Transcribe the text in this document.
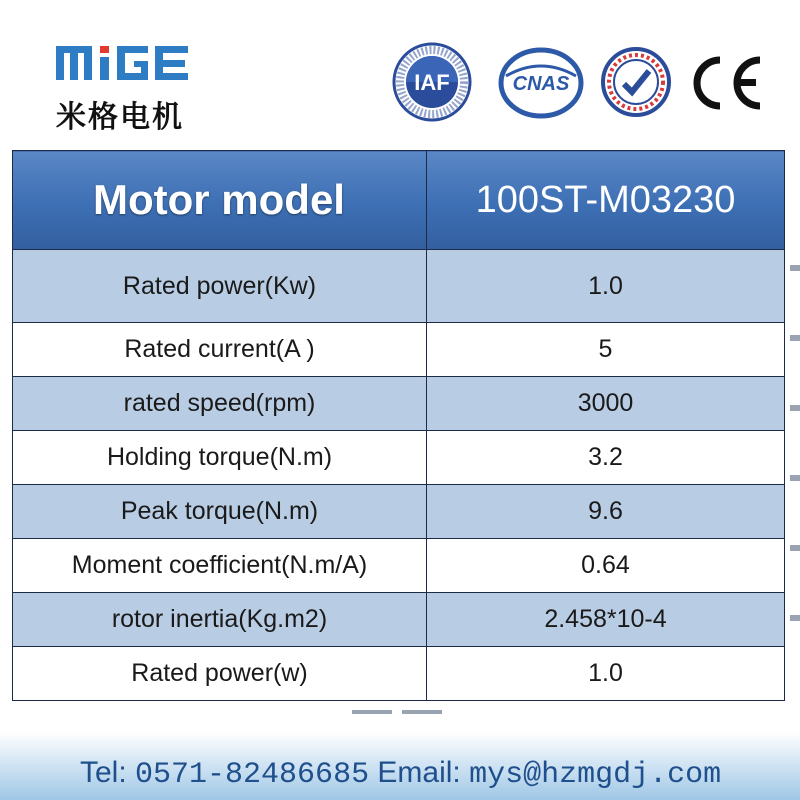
米格电机
IAF	CNAS
Motor model	100ST-M03230
Rated power(Kw)	1.0
Rated current(A )	5
rated speed(rpm)	3000
Holding torque(N.m)	3.2
Peak torque(N.m)	9.6
Moment coefficient(N.m/A)	0.64
rotor inertia(Kg.m2)	2.458*10-4
Rated power(w)	1.0
Tel: 0571-82486685 Email: mys@hzmgdj.com
